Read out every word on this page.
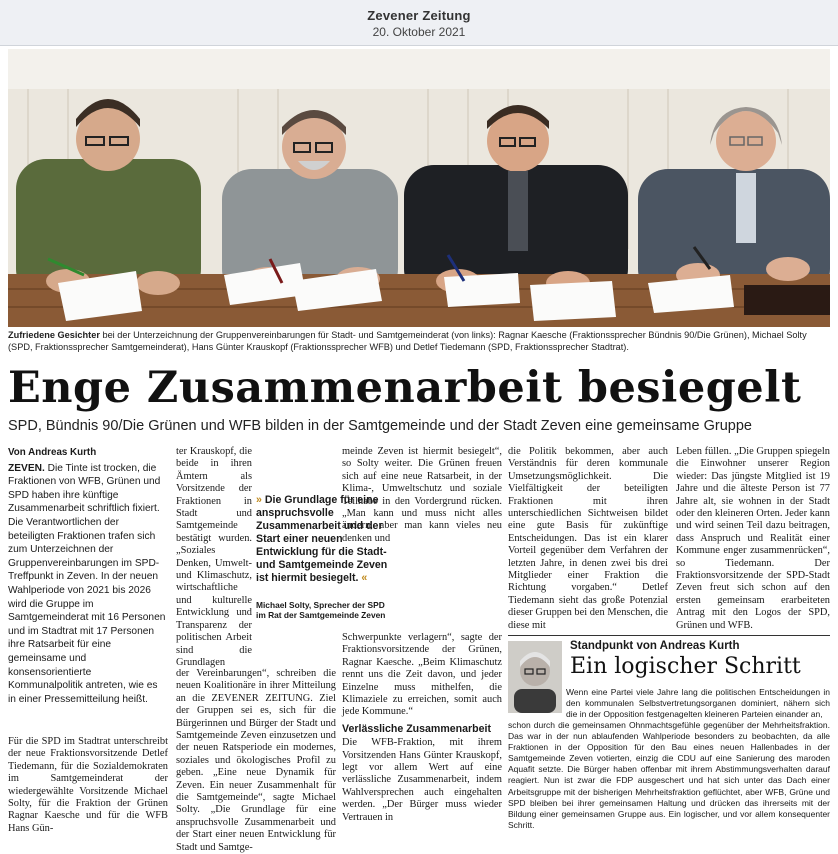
Zevener Zeitung
20. Oktober 2021
Zufriedene Gesichter bei der Unterzeichnung der Gruppenvereinbarungen für Stadt- und Samtgemeinderat (von links): Ragnar Kaesche (Fraktionssprecher Bündnis 90/Die Grünen), Michael Solty (SPD, Fraktionssprecher Samtgemeinderat), Hans Günter Krauskopf (Fraktionssprecher WFB) und Detlef Tiedemann (SPD, Fraktionssprecher Stadtrat).
Enge Zusammenarbeit besiegelt
SPD, Bündnis 90/Die Grünen und WFB bilden in der Samtgemeinde und der Stadt Zeven eine gemeinsame Gruppe
Von Andreas Kurth

ZEVEN. Die Tinte ist trocken, die Fraktionen von WFB, Grünen und SPD haben ihre künftige Zusammenarbeit schriftlich fixiert. Die Verantwortlichen der beteiligten Fraktionen trafen sich zum Unterzeichnen der Gruppenvereinbarungen im SPD-Treffpunkt in Zeven. In der neuen Wahlperiode von 2021 bis 2026 wird die Gruppe im Samtgemeinderat mit 16 Personen und im Stadtrat mit 17 Personen ihre Ratsarbeit für eine gemeinsame und konsensorientierte Kommunalpolitik antreten, wie es in einer Pressemitteilung heißt.

Für die SPD im Stadtrat unterschreibt der neue Fraktionsvorsitzende Detlef Tiedemann, für die Sozialdemokraten im Samtgemeinderat der wiedergewählte Vorsitzende Michael Solty, für die Fraktion der Grünen Ragnar Kaesche und für die WFB Hans Gün-

ter Krauskopf, die beide in ihren Ämtern als Vorsitzende der Fraktionen in Stadt und Samtgemeinde bestätigt wurden. „Soziales Denken, Umwelt- und Klimaschutz, wirtschaftliche und kulturelle Entwicklung und Transparenz der politischen Arbeit sind die Grundlagen

der Vereinbarungen“, schreiben die neuen Koalitionäre in ihrer Mitteilung an die ZEVENER ZEITUNG. Ziel der Gruppen sei es, sich für die Bürgerinnen und Bürger der Stadt und Samtgemeinde Zeven einzusetzen und der neuen Ratsperiode ein modernes, soziales und ökologisches Profil zu geben. „Eine neue Dynamik für Zeven. Ein neuer Zusammenhalt für die Samtgemeinde“, sagte Michael Solty. „Die Grundlage für eine anspruchsvolle Zusammenarbeit und der Start einer neuen Entwicklung für Stadt und Samtge-

» Die Grundlage für eine anspruchsvolle Zusammenarbeit und der Start einer neuen Entwicklung für die Stadt- und Samtgemeinde Zeven ist hiermit besiegelt. «
Michael Solty, Sprecher der SPD im Rat der Samtgemeinde Zeven

meinde Zeven ist hiermit besiegelt“, so Solty weiter. Die Grünen freuen sich auf eine neue Ratsarbeit, in der Klima-, Umweltschutz und soziale Teilhabe in den Vordergrund rücken. „Man kann und muss nicht alles ändern, aber man kann vieles neu denken und

Schwerpunkte verlagern“, sagte der Fraktionsvorsitzende der Grünen, Ragnar Kaesche. „Beim Klimaschutz rennt uns die Zeit davon, und jeder Einzelne muss mithelfen, die Klimaziele zu erreichen, somit auch jede Kommune.“

Verlässliche Zusammenarbeit

Die WFB-Fraktion, mit ihrem Vorsitzenden Hans Günter Krauskopf, legt vor allem Wert auf eine verlässliche Zusammenarbeit, indem Wahlversprechen auch eingehalten werden. „Der Bürger muss wieder Vertrauen in

die Politik bekommen, aber auch Verständnis für deren kommunale Umsetzungsmöglichkeit. Die Vielfältigkeit der beteiligten Fraktionen mit ihren unterschiedlichen Sichtweisen bildet eine gute Basis für zukünftige Entscheidungen. Das ist ein klarer Vorteil gegenüber dem Verfahren der letzten Jahre, in denen zwei bis drei Mitglieder einer Fraktion die Richtung vorgaben.“ Detlef Tiedemann sieht das große Potenzial dieser Gruppen bei den Menschen, die diese mit

Leben füllen. „Die Gruppen spiegeln die Einwohner unserer Region wieder: Das jüngste Mitglied ist 19 Jahre und die älteste Person ist 77 Jahre alt, sie wohnen in der Stadt oder den kleineren Orten. Jeder kann und wird seinen Teil dazu beitragen, dass Anspruch und Realität einer Kommune enger zusammenrücken“, so Tiedemann. Der Fraktionsvorsitzende der SPD-Stadt Zeven freut sich schon auf den ersten gemeinsam erarbeiteten Antrag mit den Logos der SPD, Grünen und WFB.

Standpunkt von Andreas Kurth
Ein logischer Schritt
Wenn eine Partei viele Jahre lang die politischen Entscheidungen in den kommunalen Selbstvertretungsorganen dominiert, nähern sich die in der Opposition festgenagelten kleineren Parteien einander an,
schon durch die gemeinsamen Ohnmachtsgefühle gegenüber der Mehrheitsfraktion. Das war in der nun ablaufenden Wahlperiode besonders zu beobachten, da alle Fraktionen in der Opposition für den Bau eines neuen Hallenbades in der Samtgemeinde Zeven votierten, einzig die CDU auf eine Sanierung des maroden Aquafit setzte. Die Bürger haben offenbar mit ihrem Abstimmungsverhalten darauf reagiert. Nun ist zwar die FDP ausgeschert und hat sich unter das Dach einer Arbeitsgruppe mit der bisherigen Mehrheitsfraktion geflüchtet, aber WFB, Grüne und SPD bleiben bei ihrer gemeinsamen Haltung und drücken das ihrerseits mit der Bildung einer gemeinsamen Gruppe aus. Ein logischer, und vor allem konsequenter Schritt.
